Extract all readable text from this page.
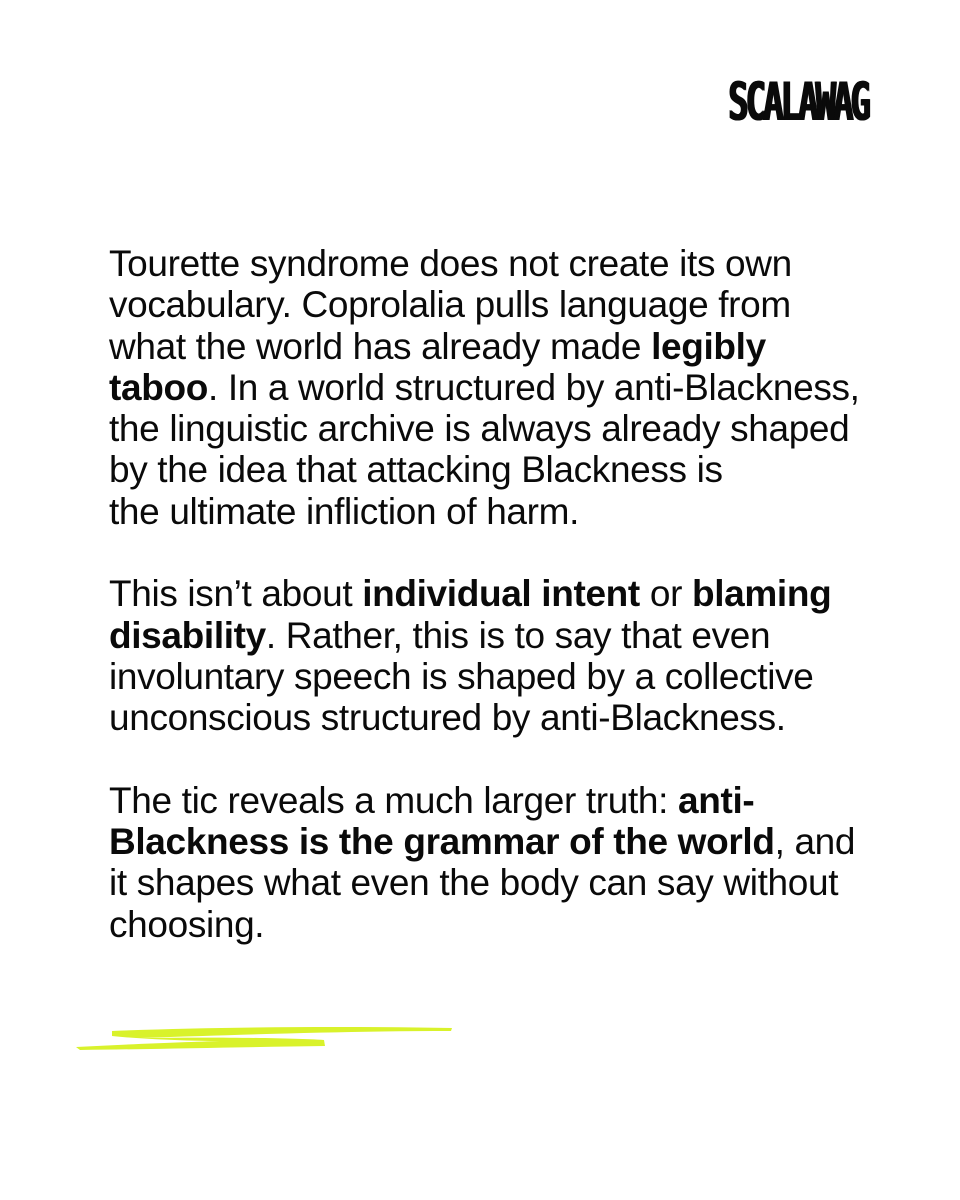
SCALAWAG

Tourette syndrome does not create its own vocabulary. Coprolalia pulls language from what the world has already made legibly taboo. In a world structured by anti-Blackness, the linguistic archive is always already shaped by the idea that attacking Blackness is
the ultimate infliction of harm.

This isn’t about individual intent or blaming disability. Rather, this is to say that even involuntary speech is shaped by a collective unconscious structured by anti-Blackness.

The tic reveals a much larger truth: anti-Blackness is the grammar of the world, and it shapes what even the body can say without choosing.
